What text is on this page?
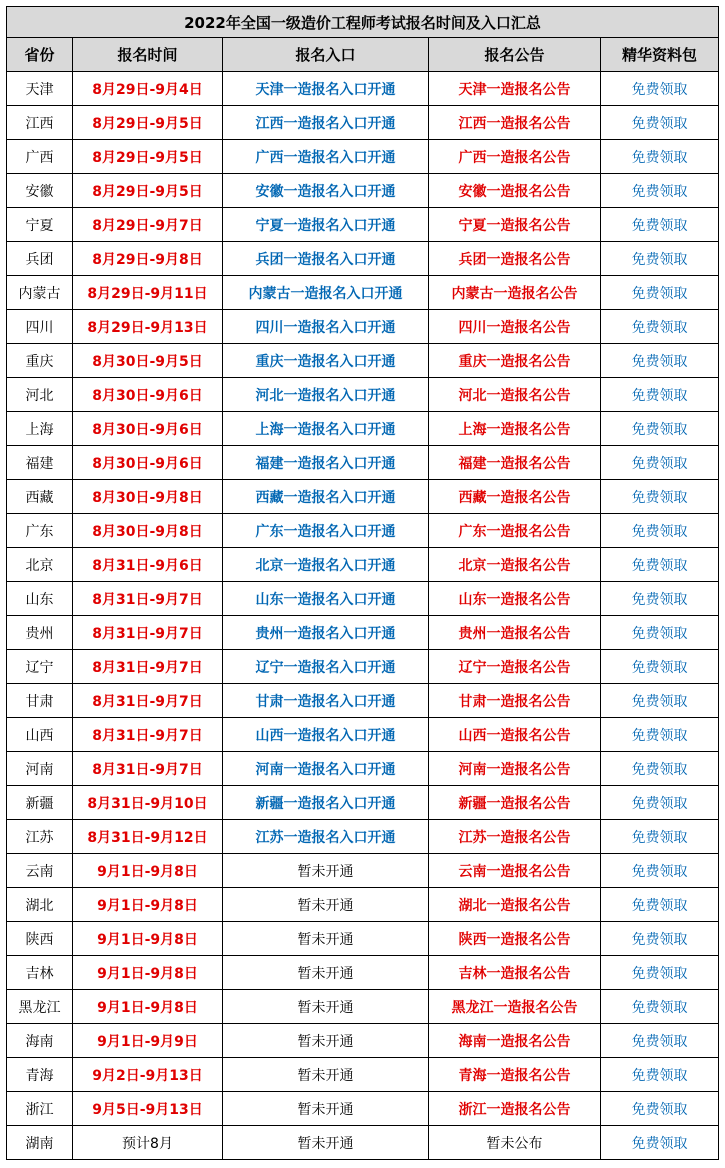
2022年全国一级造价工程师考试报名时间及入口汇总				
省份	报名时间	报名入口	报名公告	精华资料包
天津	8月29日-9月4日	天津一造报名入口开通	天津一造报名公告	免费领取
江西	8月29日-9月5日	江西一造报名入口开通	江西一造报名公告	免费领取
广西	8月29日-9月5日	广西一造报名入口开通	广西一造报名公告	免费领取
安徽	8月29日-9月5日	安徽一造报名入口开通	安徽一造报名公告	免费领取
宁夏	8月29日-9月7日	宁夏一造报名入口开通	宁夏一造报名公告	免费领取
兵团	8月29日-9月8日	兵团一造报名入口开通	兵团一造报名公告	免费领取
内蒙古	8月29日-9月11日	内蒙古一造报名入口开通	内蒙古一造报名公告	免费领取
四川	8月29日-9月13日	四川一造报名入口开通	四川一造报名公告	免费领取
重庆	8月30日-9月5日	重庆一造报名入口开通	重庆一造报名公告	免费领取
河北	8月30日-9月6日	河北一造报名入口开通	河北一造报名公告	免费领取
上海	8月30日-9月6日	上海一造报名入口开通	上海一造报名公告	免费领取
福建	8月30日-9月6日	福建一造报名入口开通	福建一造报名公告	免费领取
西藏	8月30日-9月8日	西藏一造报名入口开通	西藏一造报名公告	免费领取
广东	8月30日-9月8日	广东一造报名入口开通	广东一造报名公告	免费领取
北京	8月31日-9月6日	北京一造报名入口开通	北京一造报名公告	免费领取
山东	8月31日-9月7日	山东一造报名入口开通	山东一造报名公告	免费领取
贵州	8月31日-9月7日	贵州一造报名入口开通	贵州一造报名公告	免费领取
辽宁	8月31日-9月7日	辽宁一造报名入口开通	辽宁一造报名公告	免费领取
甘肃	8月31日-9月7日	甘肃一造报名入口开通	甘肃一造报名公告	免费领取
山西	8月31日-9月7日	山西一造报名入口开通	山西一造报名公告	免费领取
河南	8月31日-9月7日	河南一造报名入口开通	河南一造报名公告	免费领取
新疆	8月31日-9月10日	新疆一造报名入口开通	新疆一造报名公告	免费领取
江苏	8月31日-9月12日	江苏一造报名入口开通	江苏一造报名公告	免费领取
云南	9月1日-9月8日	暂未开通	云南一造报名公告	免费领取
湖北	9月1日-9月8日	暂未开通	湖北一造报名公告	免费领取
陕西	9月1日-9月8日	暂未开通	陕西一造报名公告	免费领取
吉林	9月1日-9月8日	暂未开通	吉林一造报名公告	免费领取
黑龙江	9月1日-9月8日	暂未开通	黑龙江一造报名公告	免费领取
海南	9月1日-9月9日	暂未开通	海南一造报名公告	免费领取
青海	9月2日-9月13日	暂未开通	青海一造报名公告	免费领取
浙江	9月5日-9月13日	暂未开通	浙江一造报名公告	免费领取
湖南	预计8月	暂未开通	暂未公布	免费领取
